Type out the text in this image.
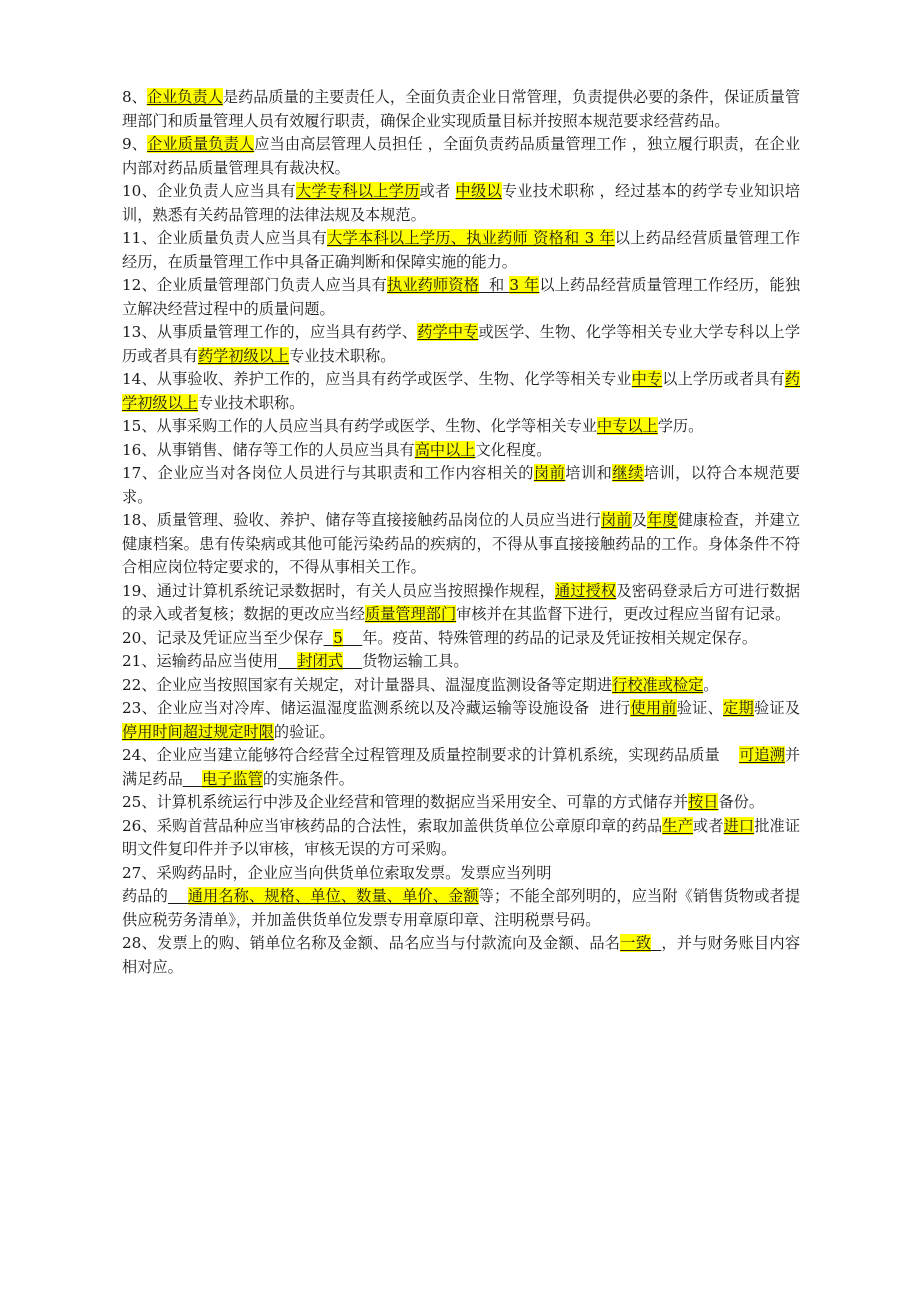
8、企业负责人是药品质量的主要责任人，全面负责企业日常管理，负责提供必要的条件，保证质量管理部门和质量管理人员有效履行职责，确保企业实现质量目标并按照本规范要求经营药品。

9、企业质量负责人应当由高层管理人员担任 ，全面负责药品质量管理工作 ，独立履行职责，在企业内部对药品质量管理具有裁决权。

10、企业负责人应当具有大学专科以上学历或者 中级以专业技术职称 ，经过基本的药学专业知识培训，熟悉有关药品管理的法律法规及本规范。

11、企业质量负责人应当具有大学本科以上学历、执业药师 资格和 3 年以上药品经营质量管理工作经历，在质量管理工作中具备正确判断和保障实施的能力。

12、企业质量管理部门负责人应当具有执业药师资格  和 3 年以上药品经营质量管理工作经历，能独立解决经营过程中的质量问题。

13、从事质量管理工作的，应当具有药学、药学中专或医学、生物、化学等相关专业大学专科以上学历或者具有药学初级以上专业技术职称。

14、从事验收、养护工作的，应当具有药学或医学、生物、化学等相关专业中专以上学历或者具有药学初级以上专业技术职称。

15、从事采购工作的人员应当具有药学或医学、生物、化学等相关专业中专以上学历。

16、从事销售、储存等工作的人员应当具有高中以上文化程度。

17、企业应当对各岗位人员进行与其职责和工作内容相关的岗前培训和继续培训，以符合本规范要求。

18、质量管理、验收、养护、储存等直接接触药品岗位的人员应当进行岗前及年度健康检查，并建立健康档案。患有传染病或其他可能污染药品的疾病的，不得从事直接接触药品的工作。身体条件不符合相应岗位特定要求的，不得从事相关工作。

19、通过计算机系统记录数据时，有关人员应当按照操作规程，通过授权及密码登录后方可进行数据的录入或者复核；数据的更改应当经质量管理部门审核并在其监督下进行，更改过程应当留有记录。

20、记录及凭证应当至少保存 5 年。疫苗、特殊管理的药品的记录及凭证按相关规定保存。

21、运输药品应当使用 封闭式 货物运输工具。

22、企业应当按照国家有关规定，对计量器具、温湿度监测设备等定期进行校准或检定。

23、企业应当对冷库、储运温湿度监测系统以及冷藏运输等设施设备  进行使用前验证、定期验证及停用时间超过规定时限的验证。

24、企业应当建立能够符合经营全过程管理及质量控制要求的计算机系统，实现药品质量    可追溯并满足药品 电子监管的实施条件。

25、计算机系统运行中涉及企业经营和管理的数据应当采用安全、可靠的方式储存并按日备份。

26、采购首营品种应当审核药品的合法性，索取加盖供货单位公章原印章的药品生产或者进口批准证明文件复印件并予以审核，审核无误的方可采购。

27、采购药品时，企业应当向供货单位索取发票。发票应当列明

药品的 通用名称、规格、单位、数量、单价、金额等；不能全部列明的，应当附《销售货物或者提供应税劳务清单》，并加盖供货单位发票专用章原印章、注明税票号码。

28、发票上的购、销单位名称及金额、品名应当与付款流向及金额、品名一致 ，并与财务账目内容相对应。
